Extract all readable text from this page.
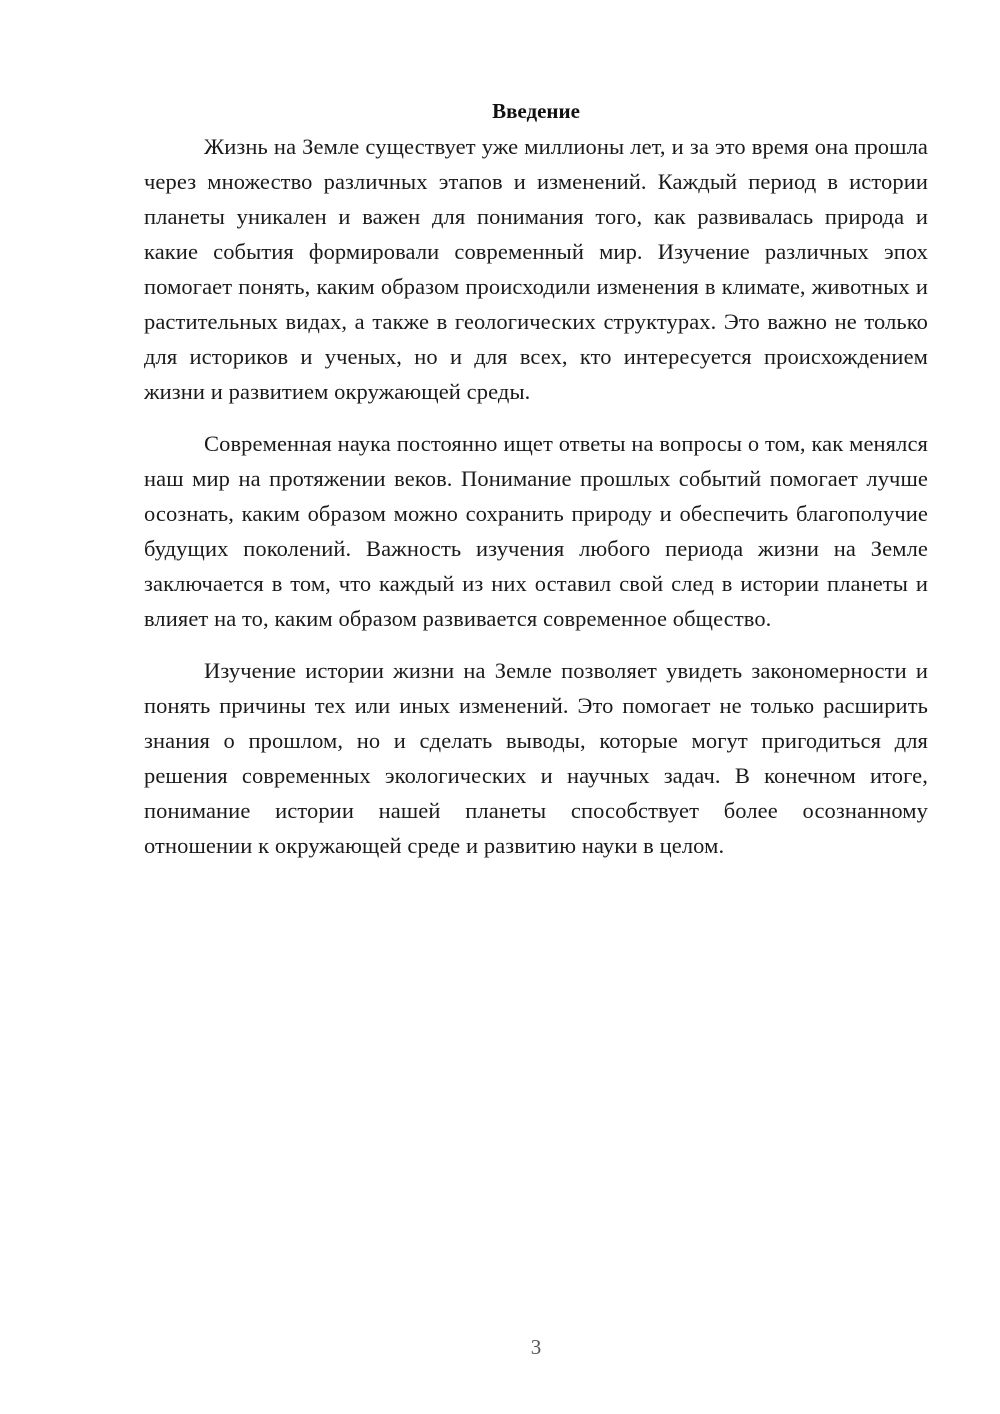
Введение

Жизнь на Земле существует уже миллионы лет, и за это время она прошла через множество различных этапов и изменений. Каждый период в истории планеты уникален и важен для понимания того, как развивалась природа и какие события формировали современный мир. Изучение различных эпох помогает понять, каким образом происходили изменения в климате, животных и растительных видах, а также в геологических структурах. Это важно не только для историков и ученых, но и для всех, кто интересуется происхождением жизни и развитием окружающей среды.

Современная наука постоянно ищет ответы на вопросы о том, как менялся наш мир на протяжении веков. Понимание прошлых событий помогает лучше осознать, каким образом можно сохранить природу и обеспечить благополучие будущих поколений. Важность изучения любого периода жизни на Земле заключается в том, что каждый из них оставил свой след в истории планеты и влияет на то, каким образом развивается современное общество.

Изучение истории жизни на Земле позволяет увидеть закономерности и понять причины тех или иных изменений. Это помогает не только расширить знания о прошлом, но и сделать выводы, которые могут пригодиться для решения современных экологических и научных задач. В конечном итоге, понимание истории нашей планеты способствует более осознанному отношении к окружающей среде и развитию науки в целом.

3
